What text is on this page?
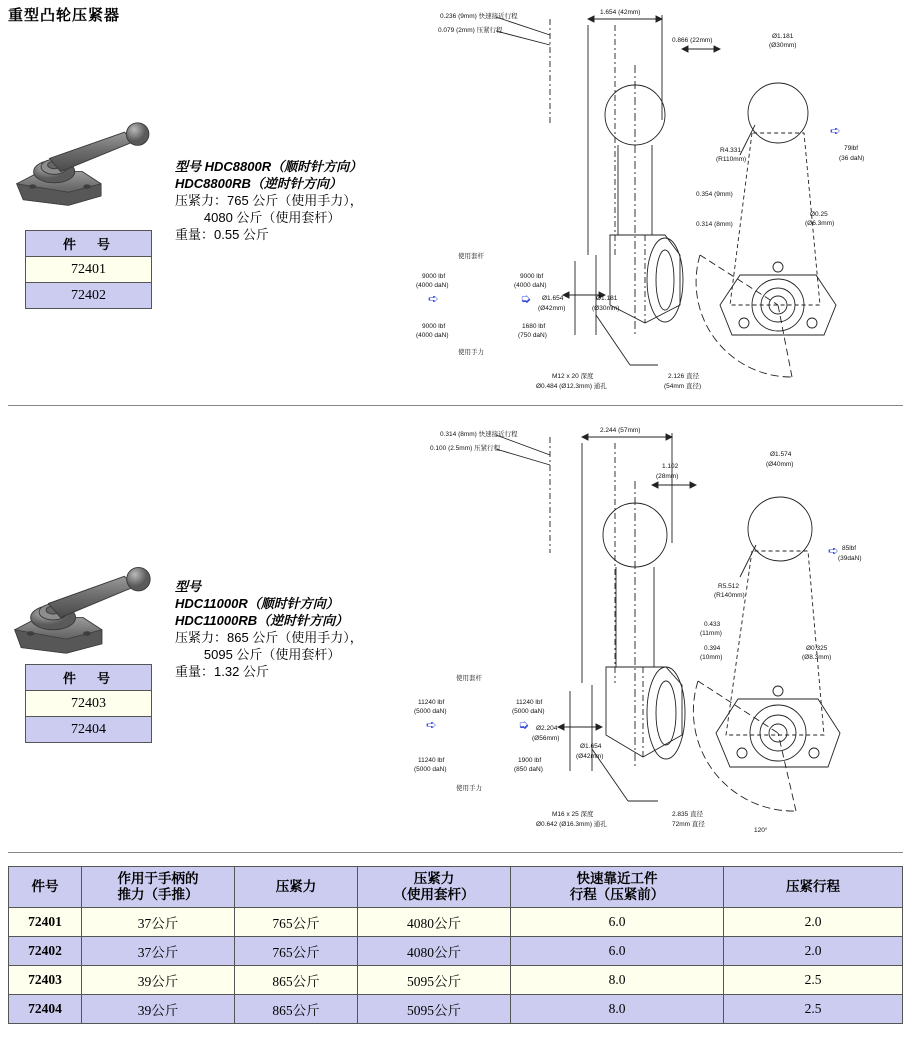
重型凸轮压紧器
型号 HDC8800R（顺时针方向）
HDC8800RB（逆时针方向）
压紧力：765 公斤（使用手力），
4080 公斤（使用套杆）
重量：0.55 公斤
件　号
72401
72402
➪
➪	➭
0.236 (9mm) 快速接近行程
0.079 (2mm) 压紧行程
1.654 (42mm)
0.866 (22mm)
Ø1.181
(Ø30mm)
79lbf
(36 daN)
R4.331
(R110mm)
0.354 (9mm)
0.314 (8mm)
Ø0.25
(Ø6.3mm)
使用套杆
9000 lbf
(4000 daN)
9000 lbf
(4000 daN)
Ø1.654
(Ø42mm)
Ø1.181
(Ø30mm)
9000 lbf
(4000 daN)
1680 lbf
(750 daN)
使用手力
2.126 直径
(54mm 直径)
M12 x 20 深度
Ø0.484 (Ø12.3mm) 通孔
型号
HDC11000R（顺时针方向）
HDC11000RB（逆时针方向）
压紧力：865 公斤（使用手力），
5095 公斤（使用套杆）
重量：1.32 公斤
件　号
72403
72404
➪
➪	➭
0.314 (8mm) 快速接近行程
0.100 (2.5mm) 压紧行程
2.244 (57mm)
1.102
(28mm)
Ø1.574
(Ø40mm)
85lbf
(39daN)
R5.512
(R140mm)
0.433
(11mm)
0.394
(10mm)
Ø0.325
(Ø8.3mm)
使用套杆
11240 lbf
(5000 daN)
11240 lbf
(5000 daN)
Ø2.204
(Ø56mm)
Ø1.654
(Ø42mm)
11240 lbf
(5000 daN)
1900 lbf
(850 daN)
使用手力
M16 x 25 深度
Ø0.642 (Ø16.3mm) 通孔
2.835 直径
72mm 直径
120°
件号	作用于手柄的
推力（手推）	压紧力	压紧力
（使用套杆）	快速靠近工件
行程（压紧前）	压紧行程
72401	37公斤	765公斤	4080公斤	6.0	2.0
72402	37公斤	765公斤	4080公斤	6.0	2.0
72403	39公斤	865公斤	5095公斤	8.0	2.5
72404	39公斤	865公斤	5095公斤	8.0	2.5
